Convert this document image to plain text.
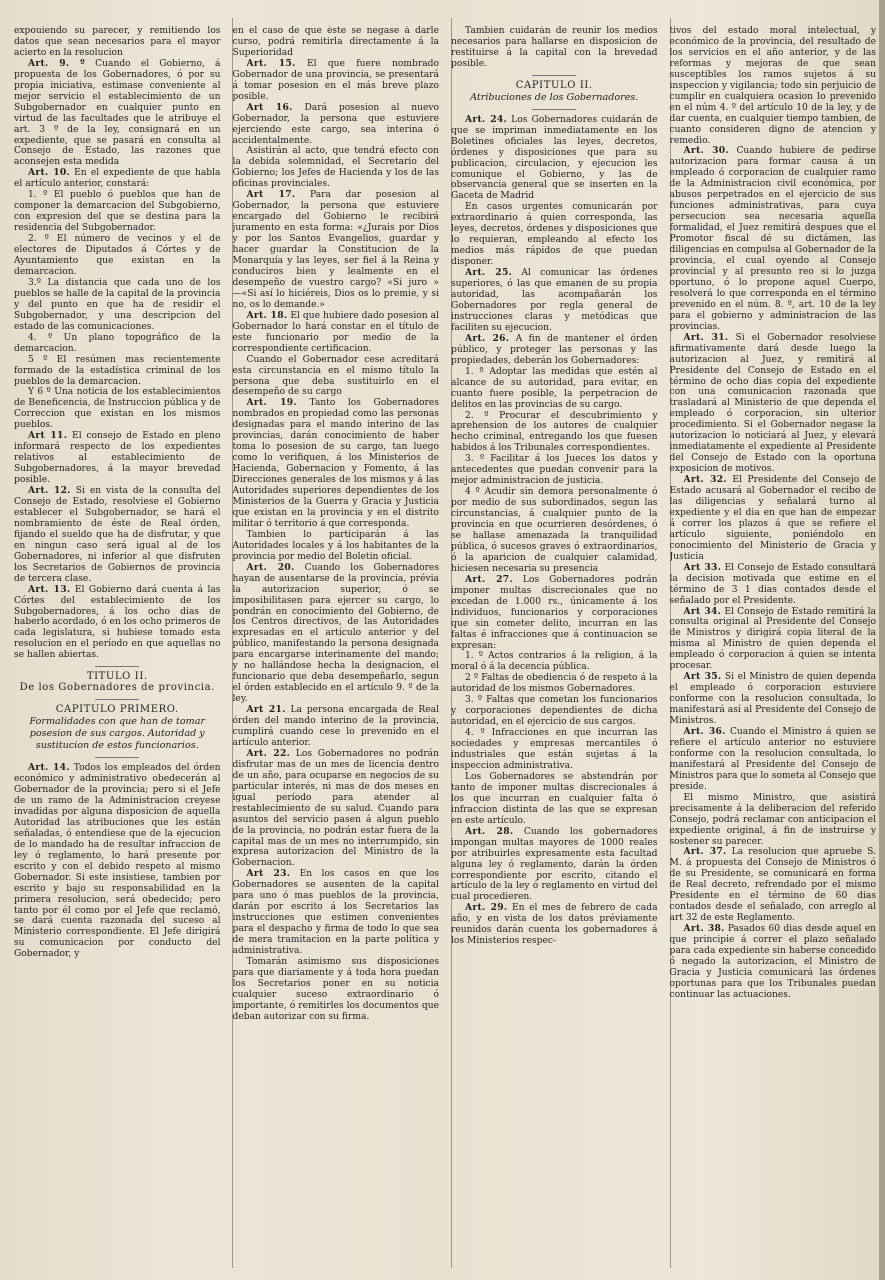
expouiendo su parecer, y remitiendo los datos que sean necesarios para el mayor acierto en la resolucion

Art. 9. º Cuando el Gobierno, á propuesta de los Gobernadores, ó por su propia iniciativa, estimase conveniente al mejor servicio el establecimiento de un Subgobernador en cualquier punto en virtud de las facultades que le atribuye el art. 3 º de la ley, consignará en un expediente, que se pasará en consulta al Consejo de Estado, las razones que aconsejen esta medida

Art. 10. En el expediente de que habla el artículo anterior, constará:

1. º El pueblo ó pueblos que han de componer la demarcacion del Subgobierno, con expresion del que se destina para la residencia del Subgobernador.

2. º El número de vecinos y el de electores de Diputados á Córtes y de Ayuntamiento que existan en la demarcacion.

3.º La distancia que cada uno de los pueblos se halle de la capital de la provincia y del punto en que ha de residir el Subgobernador, y una descripcion del estado de las comunicaciones.

4. º Un plano topográfico de la demarcacion.

5 º El resúmen mas recientemente formado de la estadística criminal de los pueblos de la demarcacion.

Y 6 º Una noticia de los establecimientos de Beneficencia, de Instruccion pública y de Correccion que existan en los mismos pueblos.

Art 11. El consejo de Estado en pleno informará respecto de los expedientes relativos al establecimiento de Subgobernadores, á la mayor brevedad posible.

Art. 12. Si en vista de la consulta del Consejo de Estado, resolviese el Gobierno establecer el Subgobernador, se hará el nombramiento de éste de Real órden, fijando el sueldo que ha de disfrutar, y que en ningun caso será igual al de los Gobernadores, ni inferior al que disfruten los Secretarios de Gobiernos de provincia de tercera clase.

Art. 13. El Gobierno dará cuenta á las Córtes del establecimiento de los Subgobernadores, á los ocho dias de haberlo acordado, ó en los ocho primeros de cada legislatura, si hubiese tomado esta resolucion en el período en que aquellas no se hallen abiertas.

TITULO II.

De los Gobernadores de provincia.

CAPITULO PRIMERO.

Formalidades con que han de tomar posesion de sus cargos. Autoridad y sustitucion de estos funcionarios.

Art. 14. Todos los empleados del órden económico y administrativo obedecerán al Gobernador de la provincia; pero si el Jefe de un ramo de la Administracion creyese invadidas por alguna disposicion de aquella Autoridad las atribuciones que les están señaladas, ó entendiese que de la ejecucion de lo mandado ha de resultar infraccion de ley ó reglamento, lo hará presente por escrito y con el debido respeto al mismo Gobernador. Si este insistiese, tambien por escrito y bajo su responsabilidad en la primera resolucion, será obedecido; pero tanto por él como por el Jefe que reclamó, se dará cuenta razonada del suceso al Ministerio correspondiente. El Jefe dirigirá su comunicacion por conducto del Gobernador, y

en el caso de que éste se negase á darle curso, podrá remitirla directamente á la Superioridad

Art. 15. El que fuere nombrado Gobernador de una provincia, se presentará á tomar posesion en el más breve plazo posible.

Art 16. Dará posesion al nuevo Gobernador, la persona que estuviere ejerciendo este cargo, sea interina ó accidentalmente.

Asistirán al acto, que tendrá efecto con la debida solemnidad, el Secretario del Gobierno; los Jefes de Hacienda y los de las oficinas provinciales.

Art 17. Para dar posesion al Gobernador, la persona que estuviere encargado del Gobierno le recibirá juramento en esta forma: «¿Jurais por Dios y por los Santos Evangelios, guardar y hacer guardar la Constitucion de la Monarquía y las leyes, ser fiel á la Reina y conduciros bien y lealmente en el desempeño de vuestro cargo? «Si juro » —«Si así lo hiciéreis, Dios os lo premie, y si no, os lo demande.»

Art. 18. El que hubiere dado posesion al Gobernador lo hará constar en el título de este funcionario por medio de la correspondiente certificacion.

Cuando el Gobernador cese acreditará esta circunstancia en el mismo título la persona que deba sustituirlo en el desempeño de su cargo

Art. 19. Tanto los Gobernadores nombrados en propiedad como las personas designadas para el mando interino de las provincias, darán conocimiento de haber toma lo posesion de su cargo, tan luego como lo verifiquen, á los Ministerios de Hacienda, Gobernacion y Fomento, á las Direcciones generales de los mismos y á las Autoridades superiores dependientes de los Ministerios de la Guerra y Gracia y Justicia que existan en la provincia y en el distrito militar ó territorio á que corresponda.

Tambien lo participarán á las Autoridades locales y á los habitantes de la provincia por medio del Boletin oficial.

Art. 20. Cuando los Gobernadores hayan de ausentarse de la provincia, prévia la autorizacion superior, ó se imposibilitasen para ejercer su cargo, lo pondrán en conocimiento del Gobierno, de los Centros directivos, de las Autoridades expresadas en el artículo anterior y del público, manifestando la persona designada para encargarse interinamente del mando; y no hallándose hecha la designacion, el funcionario que deba desempeñarlo, segun el órden establecido en el artículo 9. º de la ley.

Art 21. La persona encargada de Real órden del mando interino de la provincia, cumplirá cuando cese lo prevenido en el artículo anterior.

Art. 22. Los Gobernadores no podrán disfrutar mas de un mes de licencia dentro de un año, para ocuparse en negocios de su particular interés, ni mas de dos meses en igual período para atender al restablecimiento de su salud. Cuando para asuntos del servicio pasen á algun pueblo de la provincia, no podrán estar fuera de la capital mas de un mes no interrumpido, sin expresa autorizacion del Ministro de la Gobernacion.

Art 23. En los casos en que los Gobernadores se ausenten de la capital para uno ó mas pueblos de la provincia, darán por escrito á los Secretarios las instrucciones que estimen convenientes para el despacho y firma de todo lo que sea de mera tramitacion en la parte política y administrativa.

Tomarán asimismo sus disposiciones para que diariamente y á toda hora puedan los Secretarios poner en su noticia cualquier suceso extraordinario ó importante, ó remitirles los documentos que deban autorizar con su firma.

Tambien cuidarán de reunir los medios necesarios para hallarse en disposicion de restituirse á la capital con la brevedad posible.

CAPITULO II.

Atribuciones de los Gobernadores.

Art. 24. Los Gobernadores cuidarán de que se impriman inmediatamente en los Boletines oficiales las leyes, decretos, órdenes y disposiciones que para su publicacion, circulacion, y ejecucion les comunique el Gobierno, y las de observancia general que se inserten en la Gaceta de Madrid

En casos urgentes comunicarán por extraordinario á quien corresponda, las leyes, decretos, órdenes y disposiciones que lo requieran, empleando al efecto los medios más rápidos de que puedan disponer.

Art. 25. Al comunicar las órdenes superiores, ó las que emanen de su propia autoridad, las acompañarán los Gobernadores por regla general de instrucciones claras y metódicas que faciliten su ejecucion.

Art. 26. A fin de mantener el órden público, y proteger las personas y las propiedades, deberán los Gobernadores:

1. º Adoptar las medidas que estén al alcance de su autoridad, para evitar, en cuanto fuere posible, la perpetracion de delitos en las provincias de su cargo.

2. º Procurar el descubrimiento y aprehension de los autores de cualquier hecho criminal, entregando los que fuesen habidos á los Tribunales correspondientes.

3. º Facilitar á los Jueces los datos y antecedentes que puedan convenir para la mejor administracion de justicia.

4 º Acudir sin demora personalmente ó por medio de sus subordinados, segun las circunstancias, á cualquier punto de la provincia en que ocurrieren desórdenes, ó se hallase amenazada la tranquilidad pública, ó sucesos graves ó extraordinarios, ó la aparicion de cualquier calamidad, hiciesen necesaria su presencia

Art. 27. Los Gobernadores podrán imponer multas discrecionales que no excedan de 1.000 rs., únicamente á los individuos, funcionarios y corporaciones que sin cometer delito, incurran en las faltas é infracciones que á continuacion se expresan:

1. º Actos contrarios á la religion, á la moral ó á la decencia pública.

2 º Faltas de obediencia ó de respeto á la autoridad de los mismos Gobernadores.

3. º Faltas que cometan los funcionarios y corporaciones dependientes de dicha autoridad, en el ejercicio de sus cargos.

4. º Infracciones en que incurran las sociedades y empresas mercantiles ó industriales que están sujetas á la inspeccion administrativa.

Los Gobernadores se abstendrán por tanto de imponer multas discrecionales á los que incurran en cualquier falta ó infraccion distinta de las que se expresan en este artículo.

Art. 28. Cuando los gobernadores impongan multas mayores de 1000 reales por atribuirles expresamente esta facultad alguna ley ó reglamento, darán la órden correspondiente por escrito, citando el artículo de la ley ó reglamento en virtud del cual procedieren.

Art. 29. En el mes de febrero de cada año, y en vista de los datos préviamente reunidos darán cuenta los gobernadores á los Ministerios respec-

tivos del estado moral intelectual, y económico de la provincia, del resultado de los servicios en el año anterior, y de las reformas y mejoras de que sean susceptibles los ramos sujetos á su inspeccion y vigilancia; todo sin perjuicio de cumplir en cualquiera ocasion lo prevenido en el núm 4. º del artículo 10 de la ley, y de dar cuenta, en cualquier tiempo tambien, de cuanto consideren digno de atencion y remedio.

Art. 30. Cuando hubiere de pedirse autorizacion para formar causa á un empleado ó corporacion de cualquier ramo de la Administracion civil económica, por abusos perpetrados en el ejercicio de sus funciones administrativas, para cuya persecucion sea necesaria aquella formalidad, el Juez remitirá despues que el Promotor fiscal dé su dictámen, las diligencias en compulsa al Gobernador de la provincia, el cual oyendo al Consejo provincial y al presunto reo si lo juzga oportuno, ó lo propone aquel Cuerpo, resolverá lo que corresponda en el término prevenido en el núm. 8. º, art. 10 de la ley para el gobierno y administracion de las provincias.

Art. 31. Si el Gobernador resolviese afirmativamente dará desde luego la autorizacion al Juez, y remitirá al Presidente del Consejo de Estado en el término de ocho dias copia del expediente con una comunicacion razonada que trasladará al Ministerio de que dependa el empleado ó corporacion, sin ulterior procedimiento. Si el Gobernador negase la autorizacion lo noticiará al Juez, y elevará inmediatamente el expediente al Presidente del Consejo de Estado con la oportuna exposicion de motivos.

Art. 32. El Presidente del Consejo de Estado acusará al Gobernador el recibo de las diligencias y señalará turno al expediente y el dia en que han de empezar á correr los plazos á que se refiere el artículo siguiente, poniéndolo en conocimiento del Ministerio de Gracia y Justicia

Art 33. El Consejo de Estado consultará la decision motivada que estime en el término de 3 1 dias contados desde el señalado por el Presidente.

Art 34. El Consejo de Estado remitirá la consulta original al Presidente del Consejo de Ministros y dirigirá copia literal de la misma al Ministro de quien dependa el empleado ó corporacion á quien se intenta procesar.

Art 35. Si el Ministro de quien dependa el empleado ó corporacion estuviere conforme con la resolucion consultada, lo manifestará así al Presidente del Consejo de Ministros.

Art. 36. Cuando el Ministro á quien se refiere el artículo anterior no estuviere conforme con la resolucion consultada, lo manifestará al Presidente del Consejo de Ministros para que lo someta al Consejo que preside.

El mismo Ministro, que asistirá precisamente á la deliberacion del referido Consejo, podrá reclamar con anticipacion el expediente original, á fin de instruirse y sostener su parecer.

Art. 37. La resolucion que apruebe S. M. á propuesta del Consejo de Ministros ó de su Presidente, se comunicará en forma de Real decreto, refrendado por el mismo Presidente en el término de 60 dias contados desde el señalado, con arreglo al art 32 de este Reglamento.

Art. 38. Pasados 60 dias desde aquel en que principie á correr el plazo señalado para cada expediente sin haberse concedido ó negado la autorizacion, el Ministro de Gracia y Justicia comunicará las órdenes oportunas para que los Tribunales puedan continuar las actuaciones.
